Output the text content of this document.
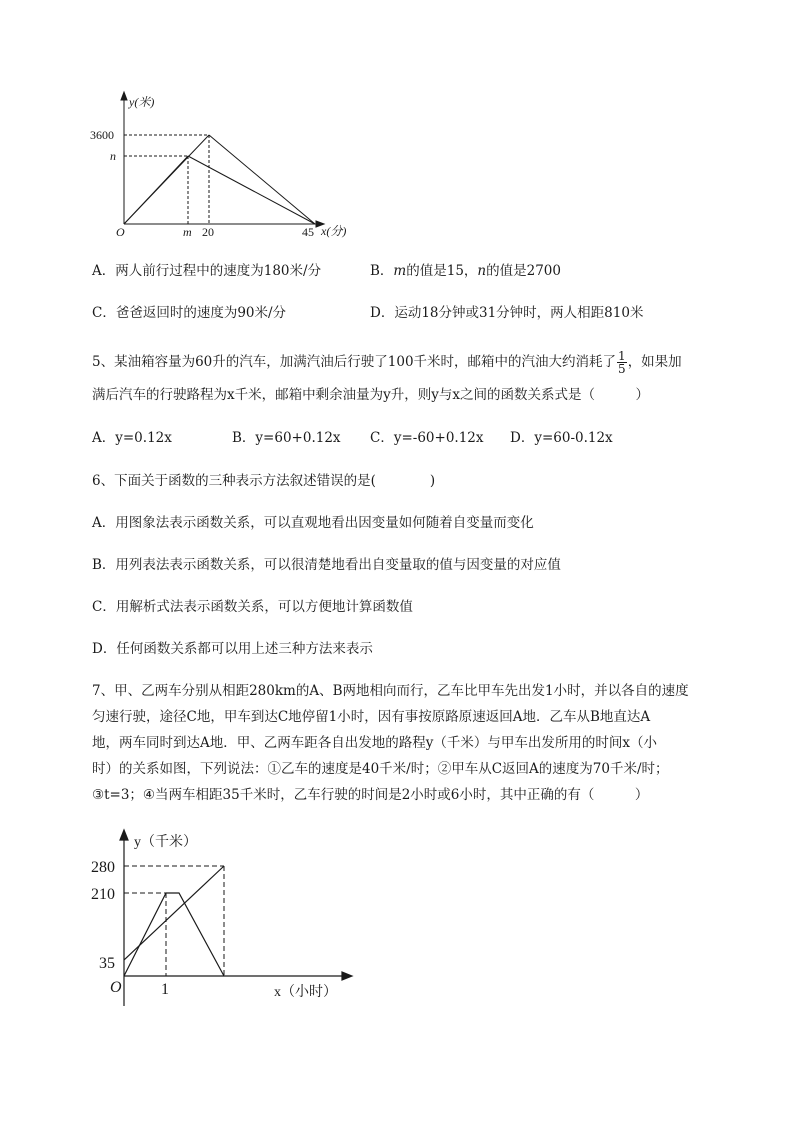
y(米)
x(分)
3600
n
m 20	45
O
A．两人前行过程中的速度为180米/分	B．m的值是15，n的值是2700
C．爸爸返回时的速度为90米/分	D．运动18分钟或31分钟时，两人相距810米
5、某油箱容量为60升的汽车，加满汽油后行驶了100千米时，邮箱中的汽油大约消耗了 $\frac{1}{5}$ ，如果加
满后汽车的行驶路程为x千米，邮箱中剩余油量为y升，则y与x之间的函数关系式是（　　　）
A．y=0.12x	B．y=60+0.12x C．y=-60+0.12x D．y=60-0.12x
6、下面关于函数的三种表示方法叙述错误的是(　　　　)
A．用图象法表示函数关系，可以直观地看出因变量如何随着自变量而变化
B．用列表法表示函数关系，可以很清楚地看出自变量取的值与因变量的对应值
C．用解析式法表示函数关系，可以方便地计算函数值
D．任何函数关系都可以用上述三种方法来表示
7、甲、乙两车分别从相距280km的A、B两地相向而行，乙车比甲车先出发1小时，并以各自的速度
匀速行驶，途径C地，甲车到达C地停留1小时，因有事按原路原速返回A地．乙车从B地直达A
地，两车同时到达A地．甲、乙两车距各自出发地的路程y（千米）与甲车出发所用的时间x（小
时）的关系如图，下列说法：①乙车的速度是40千米/时；②甲车从C返回A的速度为70千米/时；
③t=3；④当两车相距35千米时，乙车行驶的时间是2小时或6小时，其中正确的有（　　　）
y（千米）
x（小时）
280
210
35
1
O
